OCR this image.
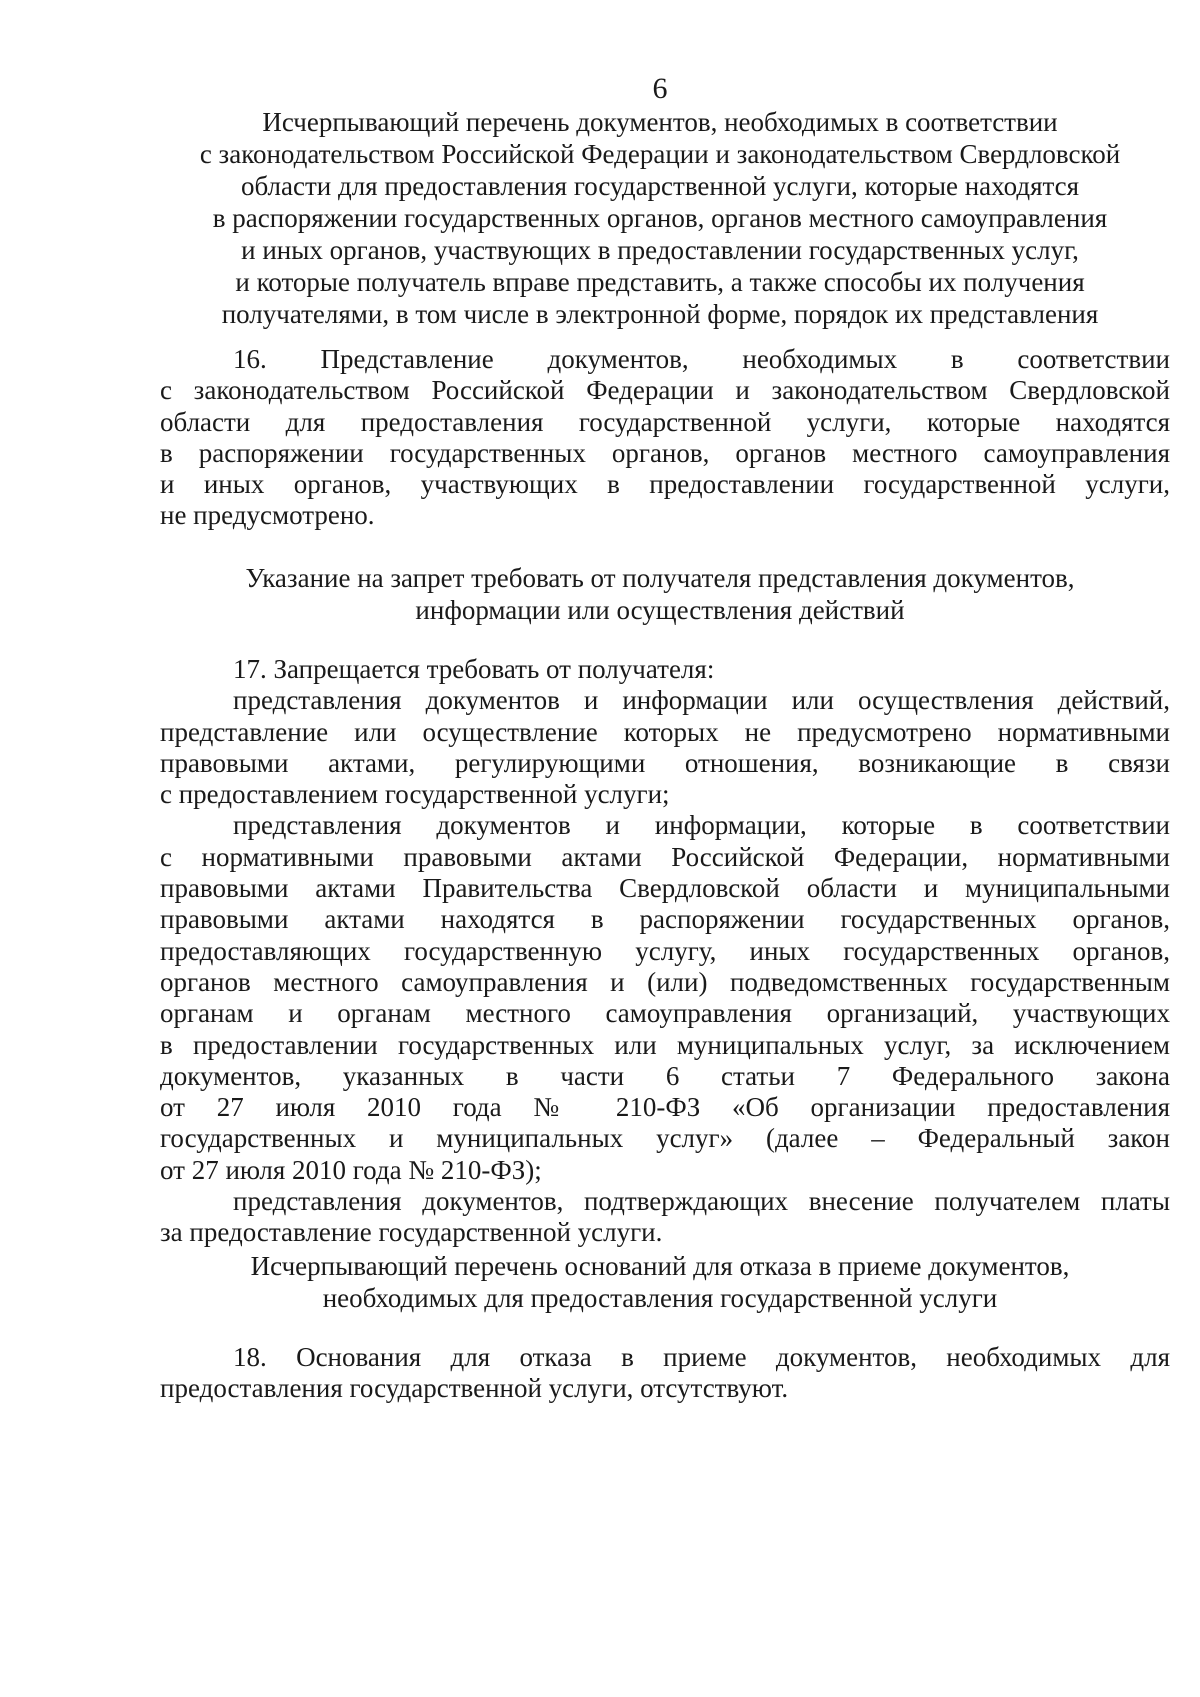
6
Исчерпывающий перечень документов, необходимых в соответствии
с законодательством Российской Федерации и законодательством Свердловской
области для предоставления государственной услуги, которые находятся
в распоряжении государственных органов, органов местного самоуправления
и иных органов, участвующих в предоставлении государственных услуг,
и которые получатель вправе представить, а также способы их получения
получателями, в том числе в электронной форме, порядок их представления
16. Представление документов, необходимых в соответствии
с законодательством Российской Федерации и законодательством Свердловской
области для предоставления государственной услуги, которые находятся
в распоряжении государственных органов, органов местного самоуправления
и иных органов, участвующих в предоставлении государственной услуги,
не предусмотрено.
Указание на запрет требовать от получателя представления документов,
информации или осуществления действий
17. Запрещается требовать от получателя:
представления документов и информации или осуществления действий,
представление или осуществление которых не предусмотрено нормативными
правовыми актами, регулирующими отношения, возникающие в связи
с предоставлением государственной услуги;
представления документов и информации, которые в соответствии
с нормативными правовыми актами Российской Федерации, нормативными
правовыми актами Правительства Свердловской области и муниципальными
правовыми актами находятся в распоряжении государственных органов,
предоставляющих государственную услугу, иных государственных органов,
органов местного самоуправления и (или) подведомственных государственным
органам и органам местного самоуправления организаций, участвующих
в предоставлении государственных или муниципальных услуг, за исключением
документов, указанных в части 6 статьи 7 Федерального закона
от 27 июля 2010 года № 210-ФЗ «Об организации предоставления
государственных и муниципальных услуг» (далее – Федеральный закон
от 27 июля 2010 года № 210-ФЗ);
представления документов, подтверждающих внесение получателем платы
за предоставление государственной услуги.
Исчерпывающий перечень оснований для отказа в приеме документов,
необходимых для предоставления государственной услуги
18. Основания для отказа в приеме документов, необходимых для
предоставления государственной услуги, отсутствуют.
